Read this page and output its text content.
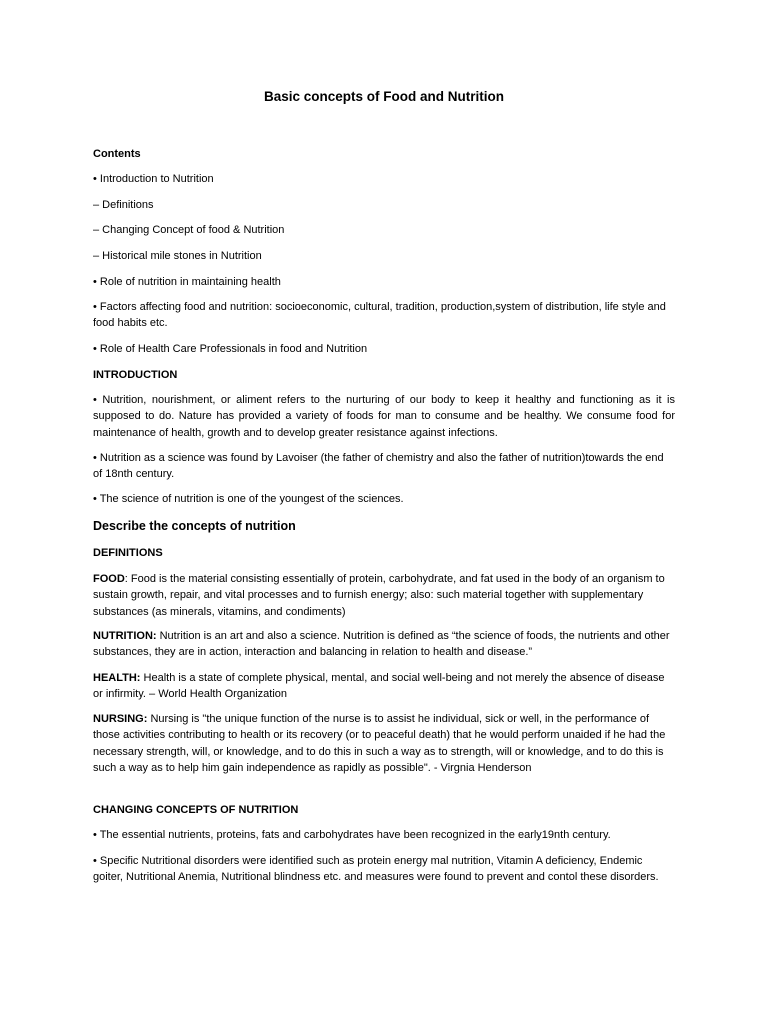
Basic concepts of Food and Nutrition
Contents
• Introduction to Nutrition
– Definitions
– Changing Concept of food & Nutrition
– Historical mile stones in Nutrition
• Role of nutrition in maintaining health
• Factors affecting food and nutrition: socioeconomic, cultural, tradition, production,system of distribution, life style and food habits etc.
• Role of Health Care Professionals in food and Nutrition
INTRODUCTION
• Nutrition, nourishment, or aliment refers to the nurturing of our body to keep it healthy and functioning as it is supposed to do. Nature has provided a variety of foods for man to consume and be healthy. We consume food for maintenance of health, growth and to develop greater resistance against infections.
• Nutrition as a science was found by Lavoiser (the father of chemistry and also the father of nutrition)towards the end of 18nth century.
• The science of nutrition is one of the youngest of the sciences.
Describe the concepts of nutrition
DEFINITIONS
FOOD: Food is the material consisting essentially of protein, carbohydrate, and fat used in the body of an organism to sustain growth, repair, and vital processes and to furnish energy; also: such material together with supplementary substances (as minerals, vitamins, and condiments)
NUTRITION: Nutrition is an art and also a science. Nutrition is defined as “the science of foods, the nutrients and other substances, they are in action, interaction and balancing in relation to health and disease.”
HEALTH: Health is a state of complete physical, mental, and social well-being and not merely the absence of disease or infirmity. – World Health Organization
NURSING: Nursing is "the unique function of the nurse is to assist he individual, sick or well, in the performance of those activities contributing to health or its recovery (or to peaceful death) that he would perform unaided if he had the necessary strength, will, or knowledge, and to do this in such a way as to strength, will or knowledge, and to do this is such a way as to help him gain independence as rapidly as possible". - Virgnia Henderson
CHANGING CONCEPTS OF NUTRITION
• The essential nutrients, proteins, fats and carbohydrates have been recognized in the early19nth century.
• Specific Nutritional disorders were identified such as protein energy mal nutrition, Vitamin A deficiency, Endemic goiter, Nutritional Anemia, Nutritional blindness etc. and measures were found to prevent and contol these disorders.
